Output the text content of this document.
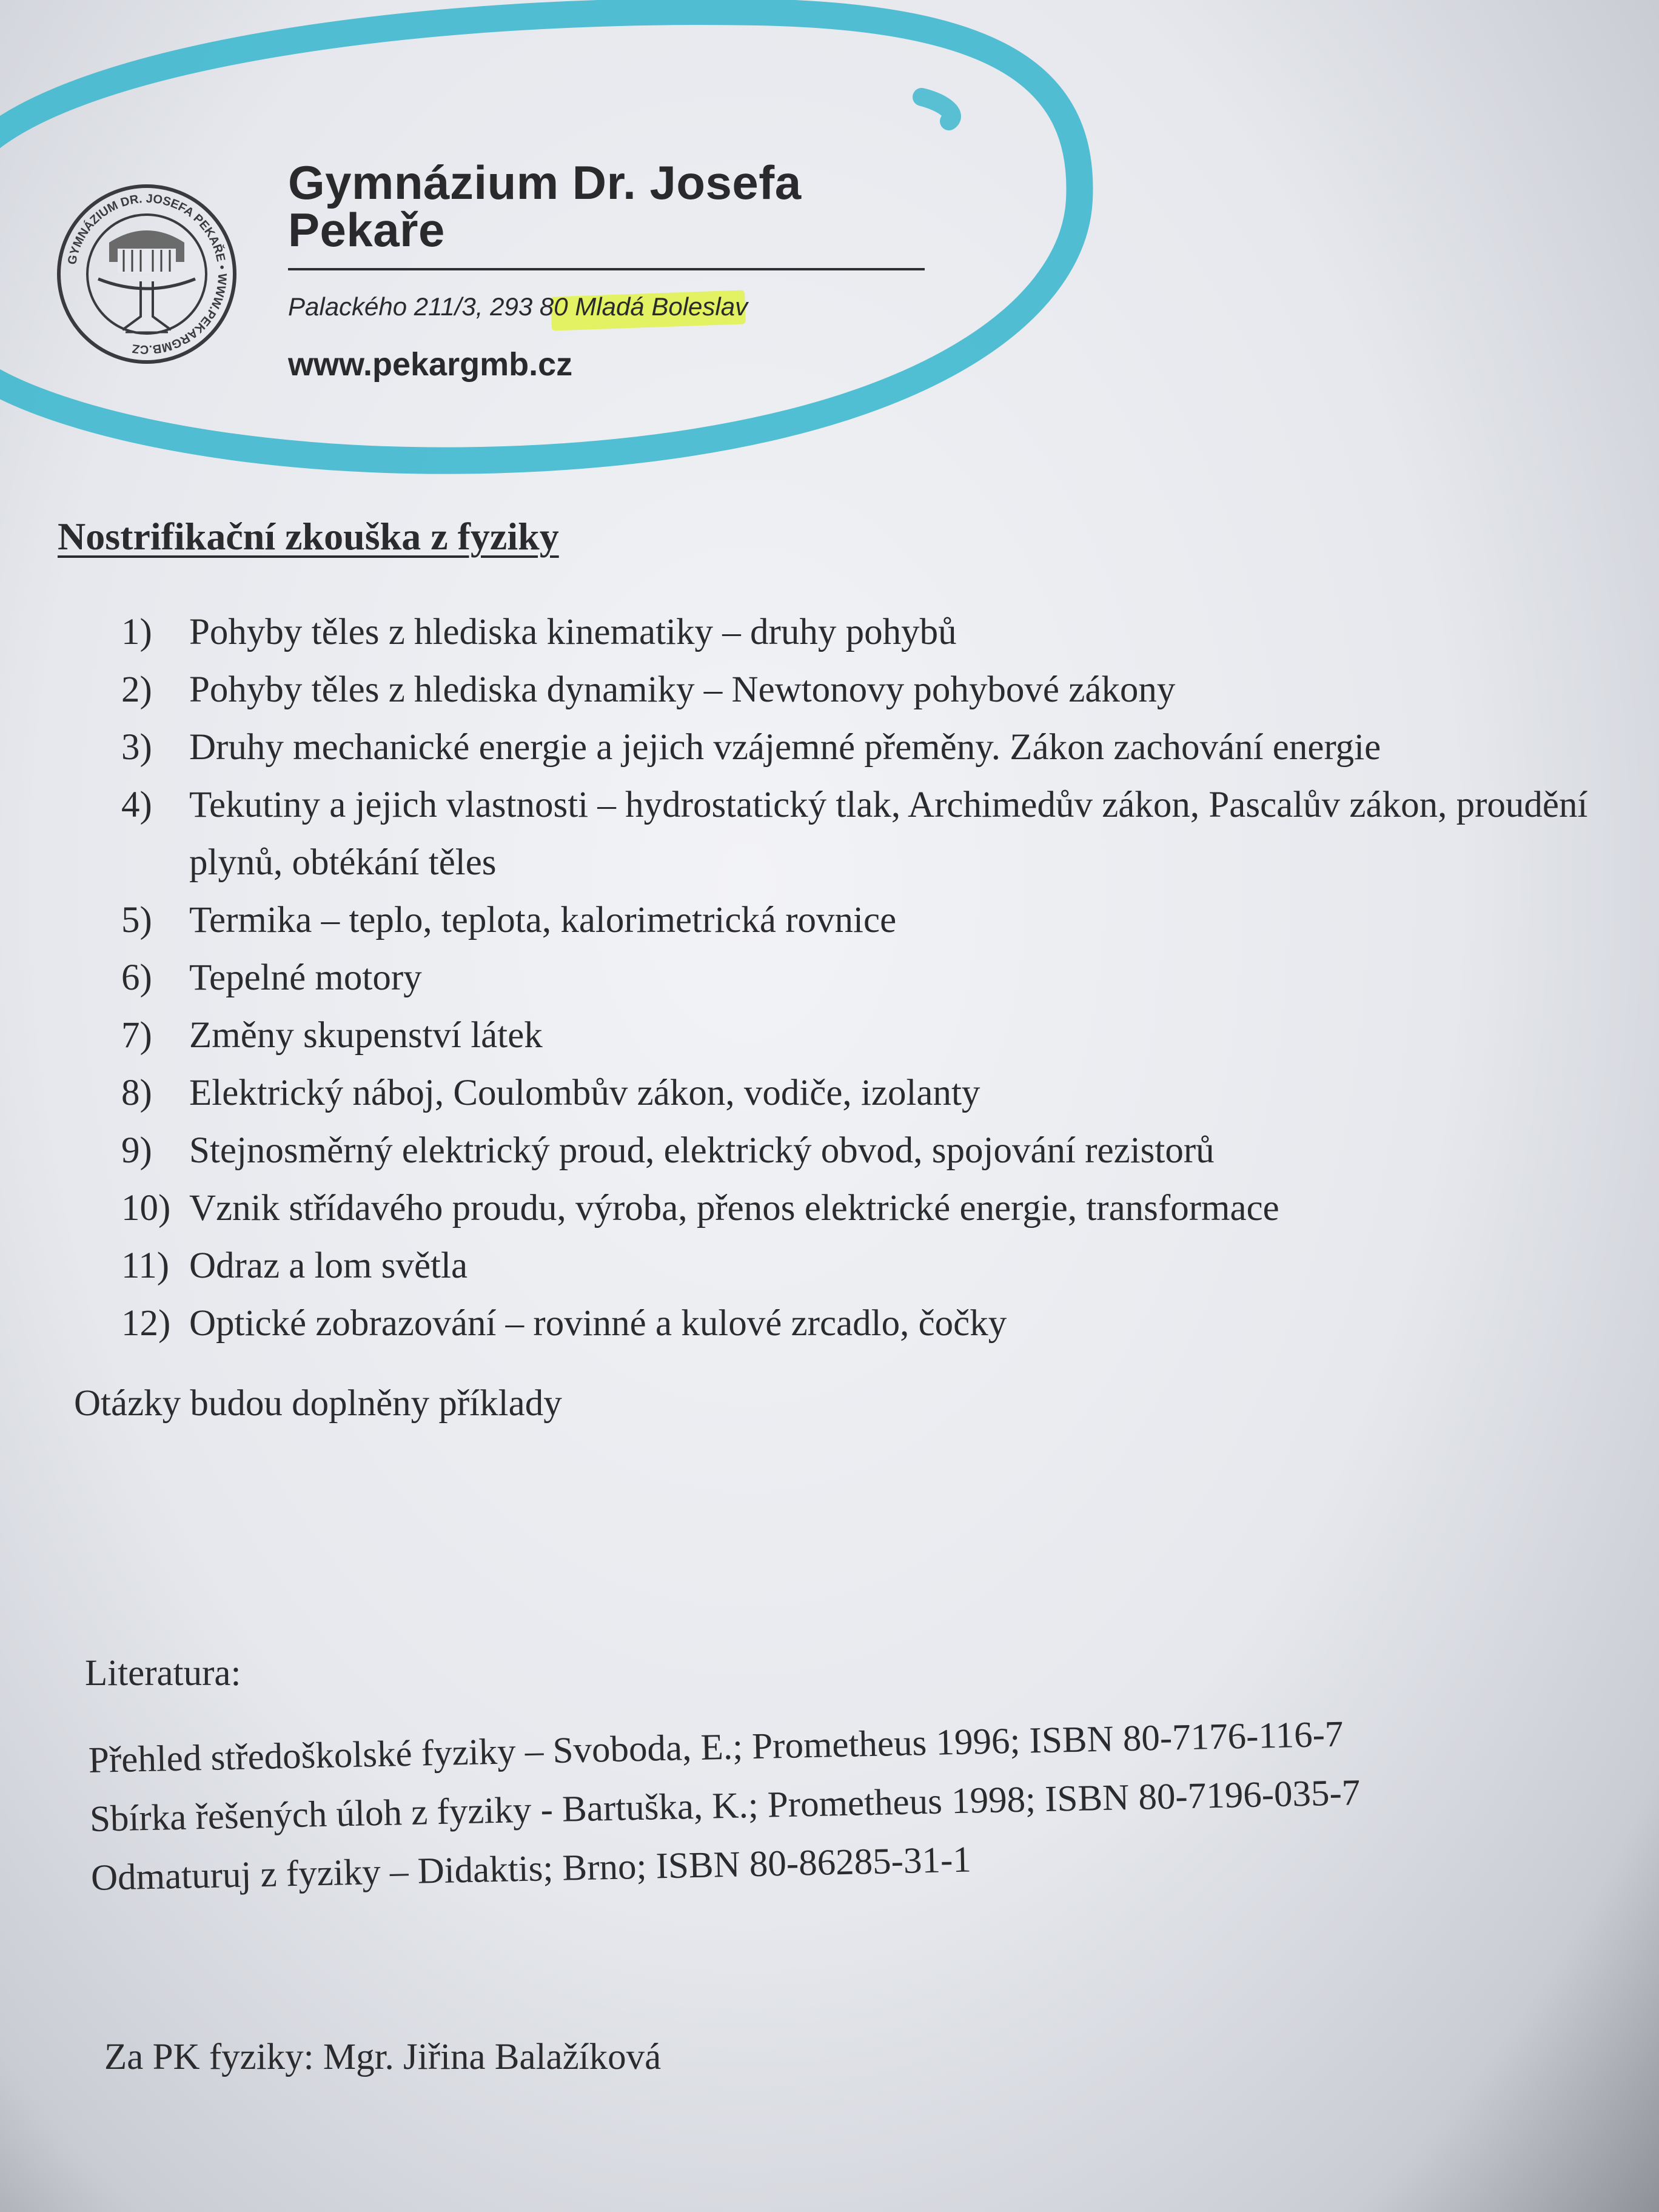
GYMNÁZIUM DR. JOSEFA PEKAŘE • WWW.PEKARGMB.CZ
Gymnázium Dr. Josefa Pekaře
Palackého 211/3, 293 8
0 Mladá Boleslav
www.pekargmb.cz
Nostrifikační zkouška z fyziky
1)	Pohyby těles z hlediska kinematiky – druhy pohybů
2)	Pohyby těles z hlediska dynamiky – Newtonovy pohybové zákony
3)	Druhy mechanické energie a jejich vzájemné přeměny. Zákon zachování energie
4)	Tekutiny a jejich vlastnosti – hydrostatický tlak, Archimedův zákon, Pascalův zákon, proudění plynů, obtékání těles
5)	Termika – teplo, teplota, kalorimetrická rovnice
6)	Tepelné motory
7)	Změny skupenství látek
8)	Elektrický náboj, Coulombův zákon, vodiče, izolanty
9)	Stejnosměrný elektrický proud, elektrický obvod, spojování rezistorů
10) Vznik střídavého proudu, výroba, přenos elektrické energie, transformace
11) Odraz a lom světla
12) Optické zobrazování – rovinné a kulové zrcadlo, čočky
Otázky budou doplněny příklady
Literatura:
Přehled středoškolské fyziky – Svoboda, E.; Prometheus 1996; ISBN 80-7176-116-7
Sbírka řešených úloh z fyziky - Bartuška, K.; Prometheus 1998; ISBN 80-7196-035-7
Odmaturuj z fyziky – Didaktis; Brno; ISBN 80-86285-31-1
Za PK fyziky: Mgr. Jiřina Balažíková
